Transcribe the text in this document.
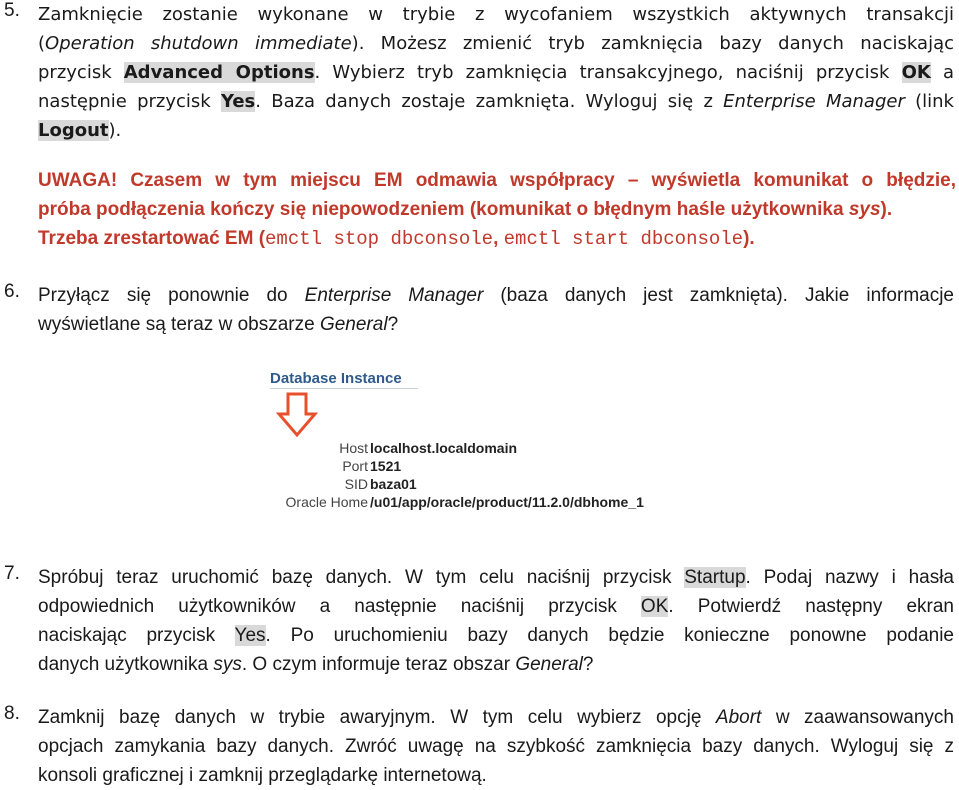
5. Zamknięcie zostanie wykonane w trybie z wycofaniem wszystkich aktywnych transakcji
(Operation shutdown immediate). Możesz zmienić tryb zamknięcia bazy danych naciskając
przycisk Advanced Options. Wybierz tryb zamknięcia transakcyjnego, naciśnij przycisk OK a
następnie przycisk Yes. Baza danych zostaje zamknięta. Wyloguj się z Enterprise Manager (link
Logout).
UWAGA! Czasem w tym miejscu EM odmawia współpracy – wyświetla komunikat o błędzie,
próba podłączenia kończy się niepowodzeniem (komunikat o błędnym haśle użytkownika sys).
Trzeba zrestartować EM (emctl stop dbconsole, emctl start dbconsole).
6. Przyłącz się ponownie do Enterprise Manager (baza danych jest zamknięta). Jakie informacje
wyświetlane są teraz w obszarze General?
Database Instance
Host localhost.localdomain
Port 1521
SID baza01
Oracle Home /u01/app/oracle/product/11.2.0/dbhome_1
7. Spróbuj teraz uruchomić bazę danych. W tym celu naciśnij przycisk Startup. Podaj nazwy i hasła
odpowiednich użytkowników a następnie naciśnij przycisk OK. Potwierdź następny ekran
naciskając przycisk Yes. Po uruchomieniu bazy danych będzie konieczne ponowne podanie
danych użytkownika sys. O czym informuje teraz obszar General?
8. Zamknij bazę danych w trybie awaryjnym. W tym celu wybierz opcję Abort w zaawansowanych
opcjach zamykania bazy danych. Zwróć uwagę na szybkość zamknięcia bazy danych. Wyloguj się z
konsoli graficznej i zamknij przeglądarkę internetową.
